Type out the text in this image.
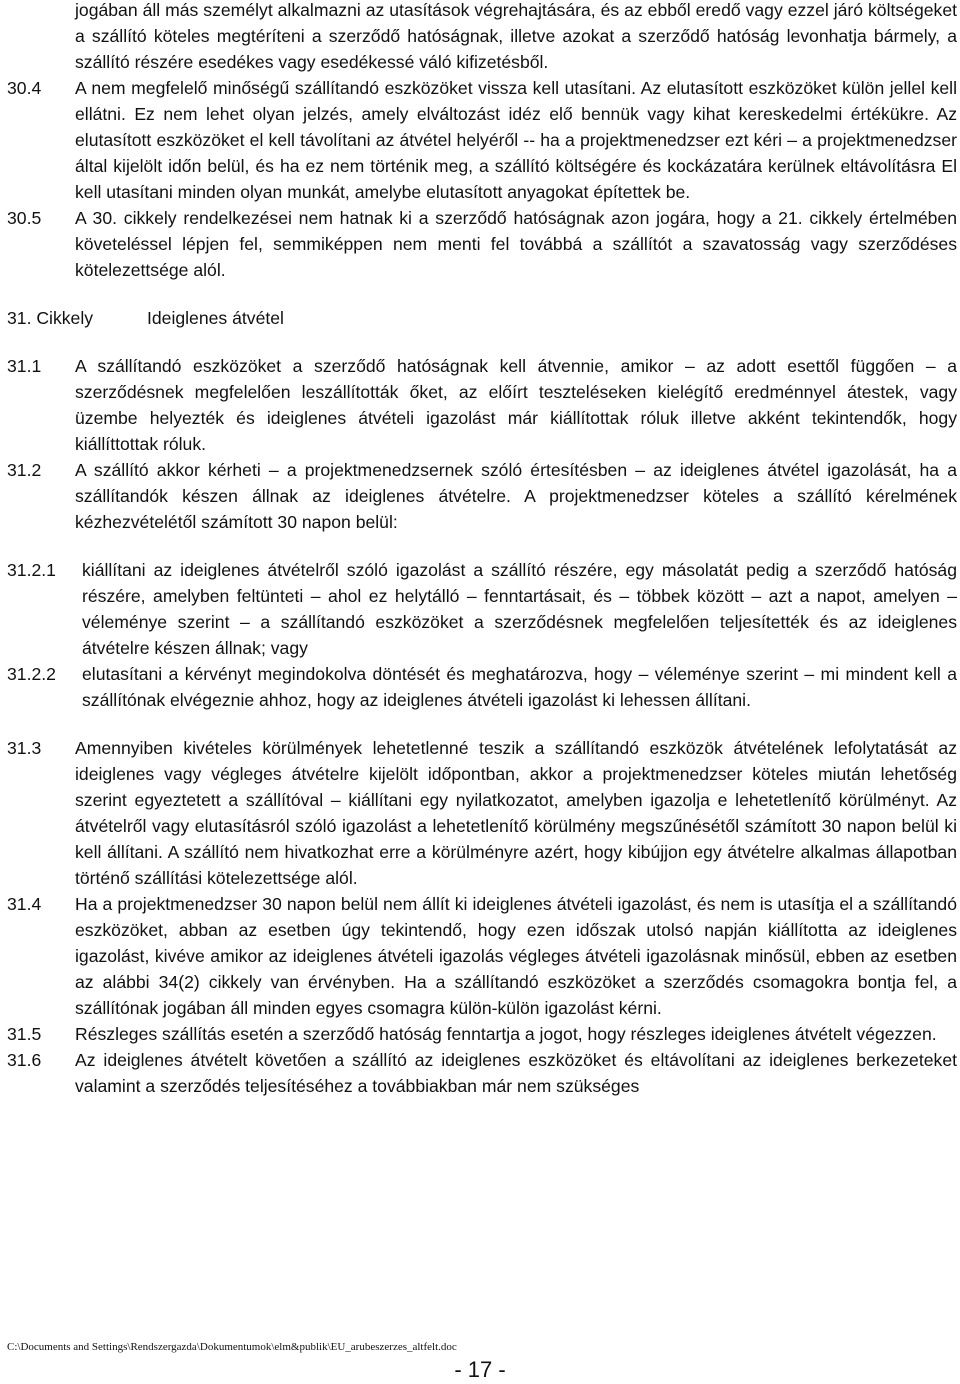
jogában áll más személyt alkalmazni az utasítások végrehajtására, és az ebből eredő vagy ezzel járó költségeket a szállító köteles megtéríteni a szerződő hatóságnak, illetve azokat a szerződő hatóság levonhatja bármely, a szállító részére esedékes vagy esedékessé váló kifizetésből.
30.4	A nem megfelelő minőségű szállítandó eszközöket vissza kell utasítani. Az elutasított eszközöket külön jellel kell ellátni. Ez nem lehet olyan jelzés, amely elváltozást idéz elő bennük vagy kihat kereskedelmi értékükre. Az elutasított eszközöket el kell távolítani az átvétel helyéről -- ha a projektmenedzser ezt kéri – a projektmenedzser által kijelölt időn belül, és ha ez nem történik meg, a szállító költségére és kockázatára kerülnek eltávolításra El kell utasítani minden olyan munkát, amelybe elutasított anyagokat építettek be.
30.5	A 30. cikkely rendelkezései nem hatnak ki a szerződő hatóságnak azon jogára, hogy a 21. cikkely értelmében követeléssel lépjen fel, semmiképpen nem menti fel továbbá a szállítót a szavatosság vagy szerződéses kötelezettsége alól.
31. Cikkely	Ideiglenes átvétel
31.1	A szállítandó eszközöket a szerződő hatóságnak kell átvennie, amikor – az adott esettől függően – a szerződésnek megfelelően leszállították őket, az előírt teszteléseken kielégítő eredménnyel átestek, vagy üzembe helyezték és ideiglenes átvételi igazolást már kiállítottak róluk illetve akként tekintendők, hogy kiállíttottak róluk.
31.2	A szállító akkor kérheti – a projektmenedzsernek szóló értesítésben – az ideiglenes átvétel igazolását, ha a szállítandók készen állnak az ideiglenes átvételre. A projektmenedzser köteles a szállító kérelmének kézhezvételétől számított 30 napon belül:
31.2.1	kiállítani az ideiglenes átvételről szóló igazolást a szállító részére, egy másolatát pedig a szerződő hatóság részére, amelyben feltünteti – ahol ez helytálló – fenntartásait, és – többek között – azt a napot, amelyen – véleménye szerint – a szállítandó eszközöket a szerződésnek megfelelően teljesítették és az ideiglenes átvételre készen állnak; vagy
31.2.2	elutasítani a kérvényt megindokolva döntését és meghatározva, hogy – véleménye szerint – mi mindent kell a szállítónak elvégeznie ahhoz, hogy az ideiglenes átvételi igazolást ki lehessen állítani.
31.3	Amennyiben kivételes körülmények lehetetlenné teszik a szállítandó eszközök átvételének lefolytatását az ideiglenes vagy végleges átvételre kijelölt időpontban, akkor a projektmenedzser köteles miután lehetőség szerint egyeztetett a szállítóval – kiállítani egy nyilatkozatot, amelyben igazolja e lehetetlenítő körülményt. Az átvételről vagy elutasításról szóló igazolást a lehetetlenítő körülmény megszűnésétől számított 30 napon belül ki kell állítani. A szállító nem hivatkozhat erre a körülményre azért, hogy kibújjon egy átvételre alkalmas állapotban történő szállítási kötelezettsége alól.
31.4	Ha a projektmenedzser 30 napon belül nem állít ki ideiglenes átvételi igazolást, és nem is utasítja el a szállítandó eszközöket, abban az esetben úgy tekintendő, hogy ezen időszak utolsó napján kiállította az ideiglenes igazolást, kivéve amikor az ideiglenes átvételi igazolás végleges átvételi igazolásnak minősül, ebben az esetben az alábbi 34(2) cikkely van érvényben. Ha a szállítandó eszközöket a szerződés csomagokra bontja fel, a szállítónak jogában áll minden egyes csomagra külön-külön igazolást kérni.
31.5	Részleges szállítás esetén a szerződő hatóság fenntartja a jogot, hogy részleges ideiglenes átvételt végezzen.
31.6	Az ideiglenes átvételt követően a szállító az ideiglenes eszközöket és eltávolítani az ideiglenes berkezeteket valamint a szerződés teljesítéséhez a továbbiakban már nem szükséges
C:\Documents and Settings\Rendszergazda\Dokumentumok\elm&publik\EU_arubeszerzes_altfelt.doc
- 17 -
